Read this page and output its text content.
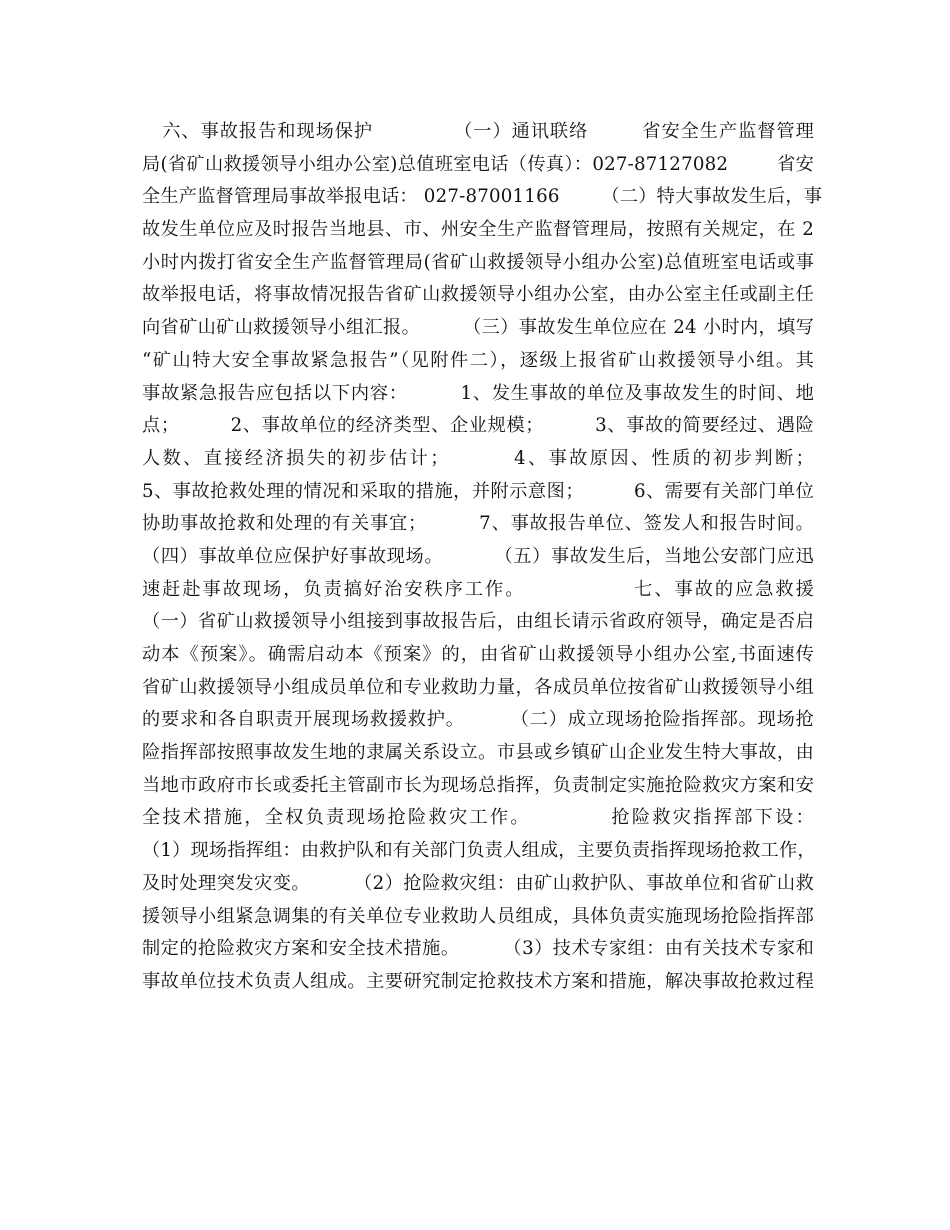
六、事故报告和现场保护            （一）通讯联络        省安全生产监督管理
局(省矿山救援领导小组办公室)总值班室电话（传真）：027-87127082        省安
全生产监督管理局事故举报电话： 027-87001166       （二）特大事故发生后，事
故发生单位应及时报告当地县、市、州安全生产监督管理局，按照有关规定，在 2
小时内拨打省安全生产监督管理局(省矿山救援领导小组办公室)总值班室电话或事
故举报电话，将事故情况报告省矿山救援领导小组办公室，由办公室主任或副主任
向省矿山矿山救援领导小组汇报。       （三）事故发生单位应在 24 小时内，填写
“矿山特大安全事故紧急报告”（见附件二），逐级上报省矿山救援领导小组。其
事故紧急报告应包括以下内容：        1、发生事故的单位及事故发生的时间、地
点；        2、事故单位的经济类型、企业规模；        3、事故的简要经过、遇险
人数、直接经济损失的初步估计；        4、事故原因、性质的初步判断；
5、事故抢救处理的情况和采取的措施，并附示意图；        6、需要有关部门单位
协助事故抢救和处理的有关事宜；        7、事故报告单位、签发人和报告时间。
（四）事故单位应保护好事故现场。        （五）事故发生后，当地公安部门应迅
速赶赴事故现场，负责搞好治安秩序工作。              七、事故的应急救援
（一）省矿山救援领导小组接到事故报告后，由组长请示省政府领导，确定是否启
动本《预案》。确需启动本《预案》的，由省矿山救援领导小组办公室,书面速传
省矿山救援领导小组成员单位和专业救助力量，各成员单位按省矿山救援领导小组
的要求和各自职责开展现场救援救护。       （二）成立现场抢险指挥部。现场抢
险指挥部按照事故发生地的隶属关系设立。市县或乡镇矿山企业发生特大事故，由
当地市政府市长或委托主管副市长为现场总指挥，负责制定实施抢险救灾方案和安
全技术措施，全权负责现场抢险救灾工作。          抢险救灾指挥部下设：
（1）现场指挥组：由救护队和有关部门负责人组成，主要负责指挥现场抢救工作，
及时处理突发灾变。       （2）抢险救灾组：由矿山救护队、事故单位和省矿山救
援领导小组紧急调集的有关单位专业救助人员组成，具体负责实施现场抢险指挥部
制定的抢险救灾方案和安全技术措施。       （3）技术专家组：由有关技术专家和
事故单位技术负责人组成。主要研究制定抢救技术方案和措施，解决事故抢救过程
